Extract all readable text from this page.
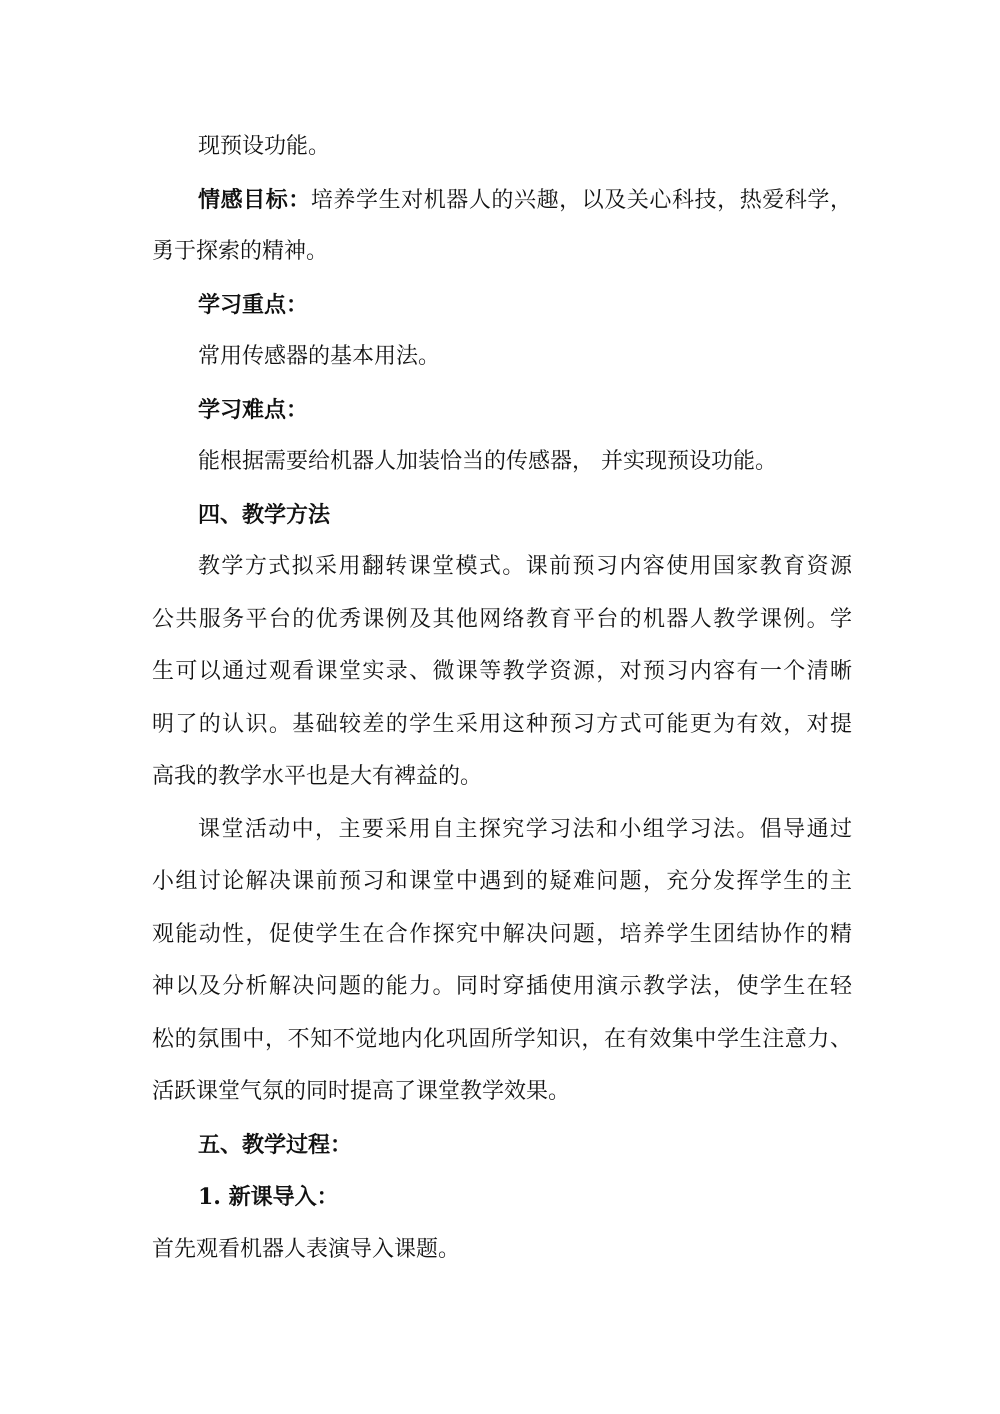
现预设功能。
情感目标：培养学生对机器人的兴趣，以及关心科技，热爱科学，
勇于探索的精神。
学习重点：
常用传感器的基本用法。
学习难点：
能根据需要给机器人加装恰当的传感器， 并实现预设功能。
四、教学方法
教学方式拟采用翻转课堂模式。课前预习内容使用国家教育资源
公共服务平台的优秀课例及其他网络教育平台的机器人教学课例。学
生可以通过观看课堂实录、微课等教学资源，对预习内容有一个清晰
明了的认识。基础较差的学生采用这种预习方式可能更为有效，对提
高我的教学水平也是大有裨益的。
课堂活动中，主要采用自主探究学习法和小组学习法。倡导通过
小组讨论解决课前预习和课堂中遇到的疑难问题，充分发挥学生的主
观能动性，促使学生在合作探究中解决问题，培养学生团结协作的精
神以及分析解决问题的能力。同时穿插使用演示教学法，使学生在轻
松的氛围中，不知不觉地内化巩固所学知识，在有效集中学生注意力、
活跃课堂气氛的同时提高了课堂教学效果。
五、教学过程：
1. 新课导入：
首先观看机器人表演导入课题。
